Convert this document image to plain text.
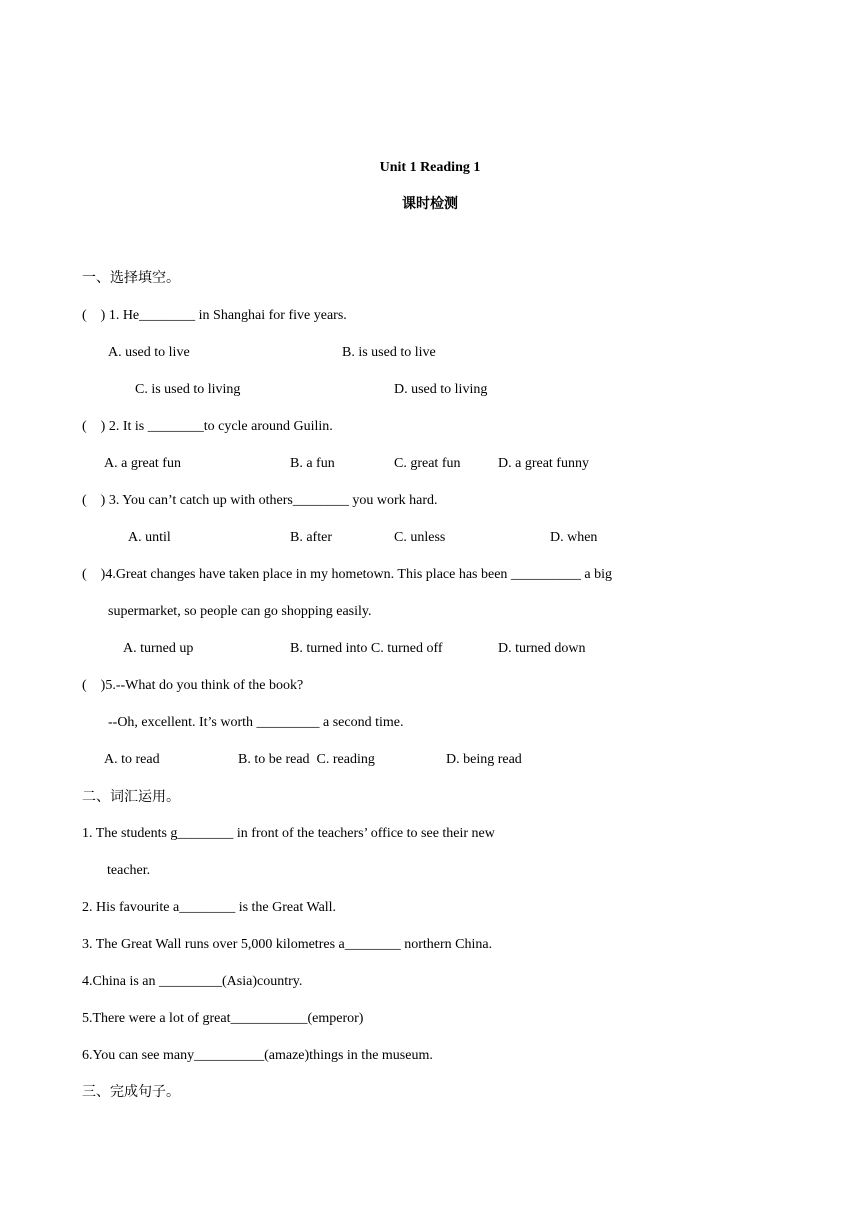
Unit 1 Reading 1
课时检测
一、选择填空。
(    ) 1. He________ in Shanghai for five years.
A. used to live	B. is used to live
C. is used to living	D. used to living
(    ) 2. It is ________to cycle around Guilin.
A. a great fun	B. a fun	C. great fun	D. a great funny
(    ) 3. You can’t catch up with others________ you work hard.
A. until	B. after	C. unless	D. when
(    )4.Great changes have taken place in my hometown. This place has been __________ a big
supermarket, so people can go shopping easily.
A. turned up	B. turned into C. turned off	D. turned down
(    )5.--What do you think of the book?
--Oh, excellent. It’s worth _________ a second time.
A. to read	B. to be read  C. reading	D. being read
二、词汇运用。
1. The students g________ in front of the teachers’ office to see their new
teacher.
2. His favourite a________ is the Great Wall.
3. The Great Wall runs over 5,000 kilometres a________ northern China.
4.China is an _________(Asia)country.
5.There were a lot of great___________(emperor)
6.You can see many__________(amaze)things in the museum.
三、完成句子。
